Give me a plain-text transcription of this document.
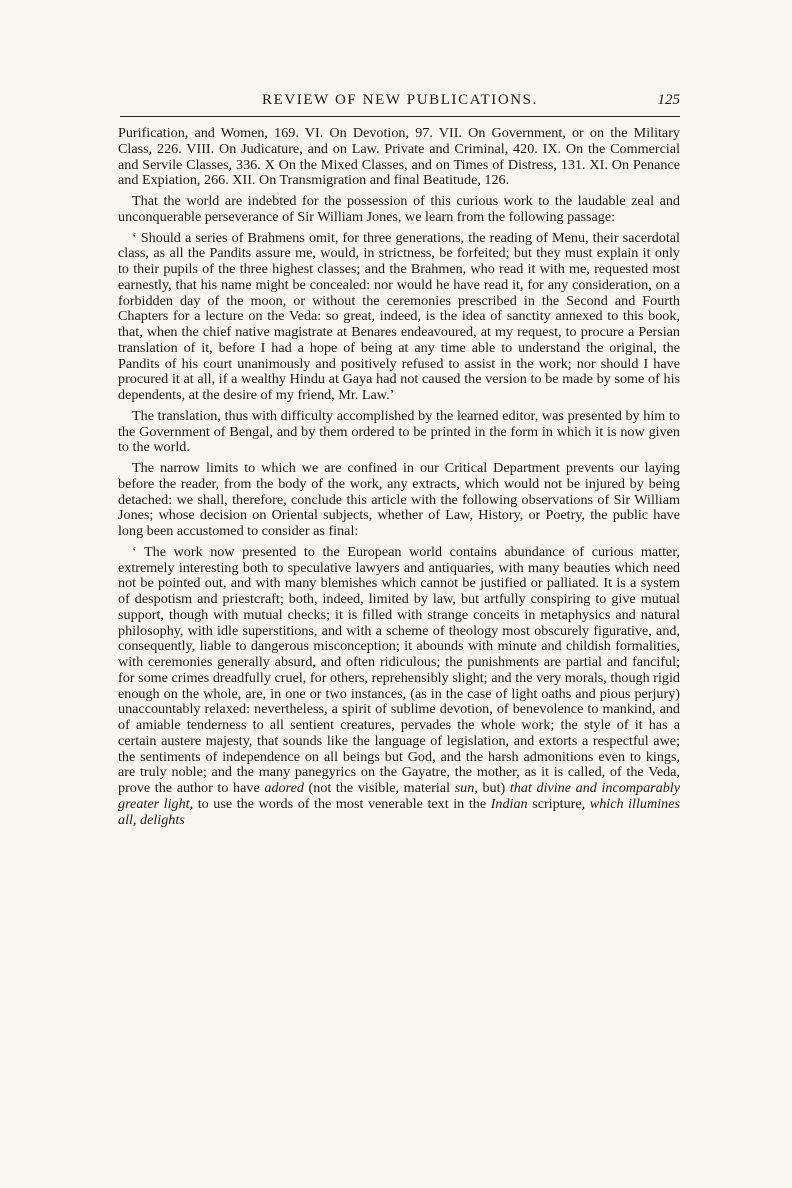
REVIEW OF NEW PUBLICATIONS.	125

Purification, and Women, 169. VI. On Devotion, 97. VII. On Government, or on the Military Class, 226. VIII. On Judicature, and on Law. Private and Criminal, 420. IX. On the Commercial and Servile Classes, 336. X On the Mixed Classes, and on Times of Distress, 131. XI. On Penance and Expiation, 266. XII. On Transmigration and final Beatitude, 126.

That the world are indebted for the possession of this curious work to the laudable zeal and unconquerable perseverance of Sir William Jones, we learn from the following passage:

‘ Should a series of Brahmens omit, for three generations, the reading of Menu, their sacerdotal class, as all the Pandits assure me, would, in strictness, be forfeited; but they must explain it only to their pupils of the three highest classes; and the Brahmen, who read it with me, requested most earnestly, that his name might be concealed: nor would he have read it, for any consideration, on a forbidden day of the moon, or without the ceremonies prescribed in the Second and Fourth Chapters for a lecture on the Veda: so great, indeed, is the idea of sanctity annexed to this book, that, when the chief native magistrate at Benares endeavoured, at my request, to procure a Persian translation of it, before I had a hope of being at any time able to understand the original, the Pandits of his court unanimously and positively refused to assist in the work; nor should I have procured it at all, if a wealthy Hindu at Gaya had not caused the version to be made by some of his dependents, at the desire of my friend, Mr. Law.’

The translation, thus with difficulty accomplished by the learned editor, was presented by him to the Government of Bengal, and by them ordered to be printed in the form in which it is now given to the world.

The narrow limits to which we are confined in our Critical Department prevents our laying before the reader, from the body of the work, any extracts, which would not be injured by being detached: we shall, therefore, conclude this article with the following observations of Sir William Jones; whose decision on Oriental subjects, whether of Law, History, or Poetry, the public have long been accustomed to consider as final:

‘ The work now presented to the European world contains abundance of curious matter, extremely interesting both to speculative lawyers and antiquaries, with many beauties which need not be pointed out, and with many blemishes which cannot be justified or palliated. It is a system of despotism and priestcraft; both, indeed, limited by law, but artfully conspiring to give mutual support, though with mutual checks; it is filled with strange conceits in metaphysics and natural philosophy, with idle superstitions, and with a scheme of theology most obscurely figurative, and, consequently, liable to dangerous misconception; it abounds with minute and childish formalities, with ceremonies generally absurd, and often ridiculous; the punishments are partial and fanciful; for some crimes dreadfully cruel, for others, reprehensibly slight; and the very morals, though rigid enough on the whole, are, in one or two instances, (as in the case of light oaths and pious perjury) unaccountably relaxed: nevertheless, a spirit of sublime devotion, of benevolence to mankind, and of amiable tenderness to all sentient creatures, pervades the whole work; the style of it has a certain austere majesty, that sounds like the language of legislation, and extorts a respectful awe; the sentiments of independence on all beings but God, and the harsh admonitions even to kings, are truly noble; and the many panegyrics on the Gayatre, the mother, as it is called, of the Veda, prove the author to have adored (not the visible, material sun, but) that divine and incomparably greater light, to use the words of the most venerable text in the Indian scripture, which illumines all, delights
